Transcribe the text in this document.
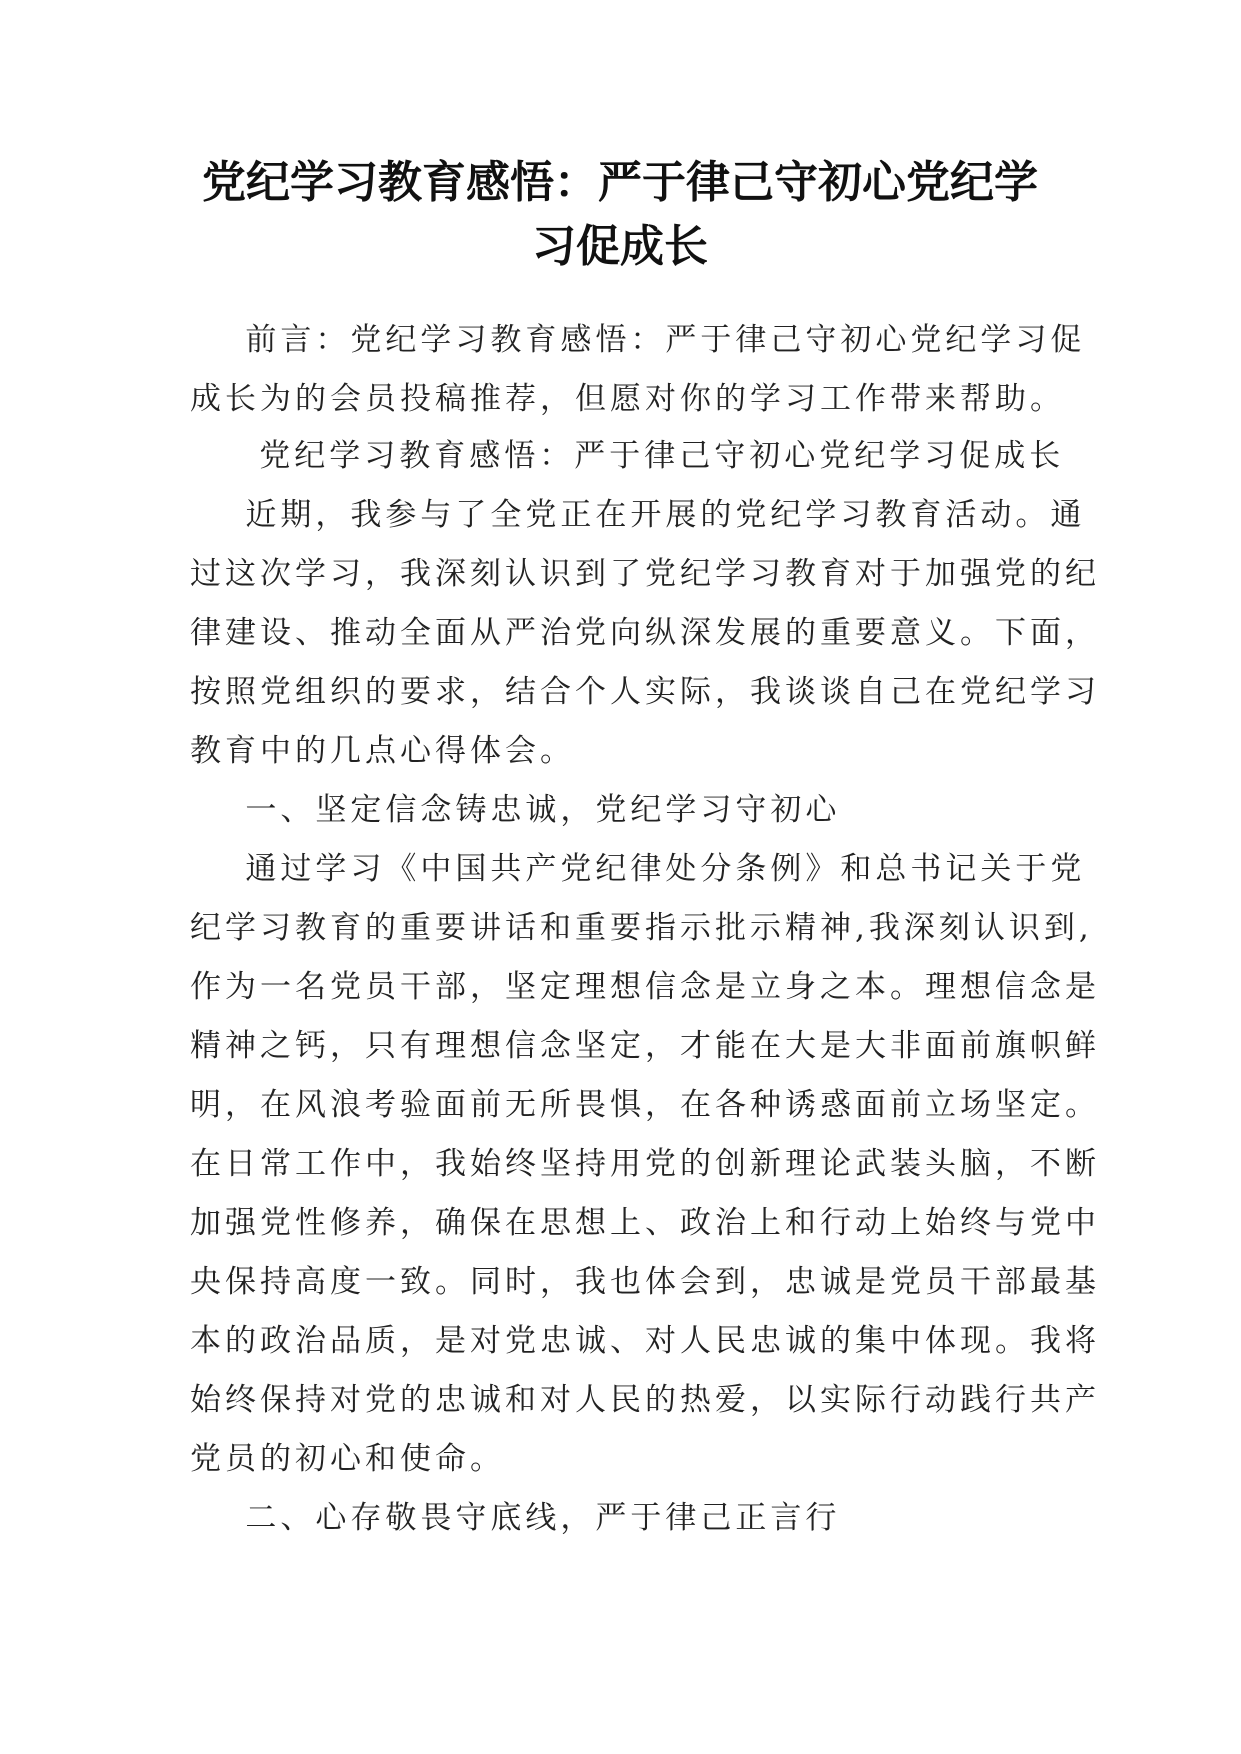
党纪学习教育感悟：严于律己守初心党纪学
习促成长

前言：党纪学习教育感悟：严于律己守初心党纪学习促

成长为的会员投稿推荐，但愿对你的学习工作带来帮助。

党纪学习教育感悟：严于律己守初心党纪学习促成长

近期，我参与了全党正在开展的党纪学习教育活动。通

过这次学习，我深刻认识到了党纪学习教育对于加强党的纪

律建设、推动全面从严治党向纵深发展的重要意义。下面，

按照党组织的要求，结合个人实际，我谈谈自己在党纪学习

教育中的几点心得体会。

一、坚定信念铸忠诚，党纪学习守初心

通过学习《中国共产党纪律处分条例》和总书记关于党

纪学习教育的重要讲话和重要指示批示精神,我深刻认识到,

作为一名党员干部，坚定理想信念是立身之本。理想信念是

精神之钙，只有理想信念坚定，才能在大是大非面前旗帜鲜

明，在风浪考验面前无所畏惧，在各种诱惑面前立场坚定。

在日常工作中，我始终坚持用党的创新理论武装头脑，不断

加强党性修养，确保在思想上、政治上和行动上始终与党中

央保持高度一致。同时，我也体会到，忠诚是党员干部最基

本的政治品质，是对党忠诚、对人民忠诚的集中体现。我将

始终保持对党的忠诚和对人民的热爱，以实际行动践行共产

党员的初心和使命。

二、心存敬畏守底线，严于律己正言行
